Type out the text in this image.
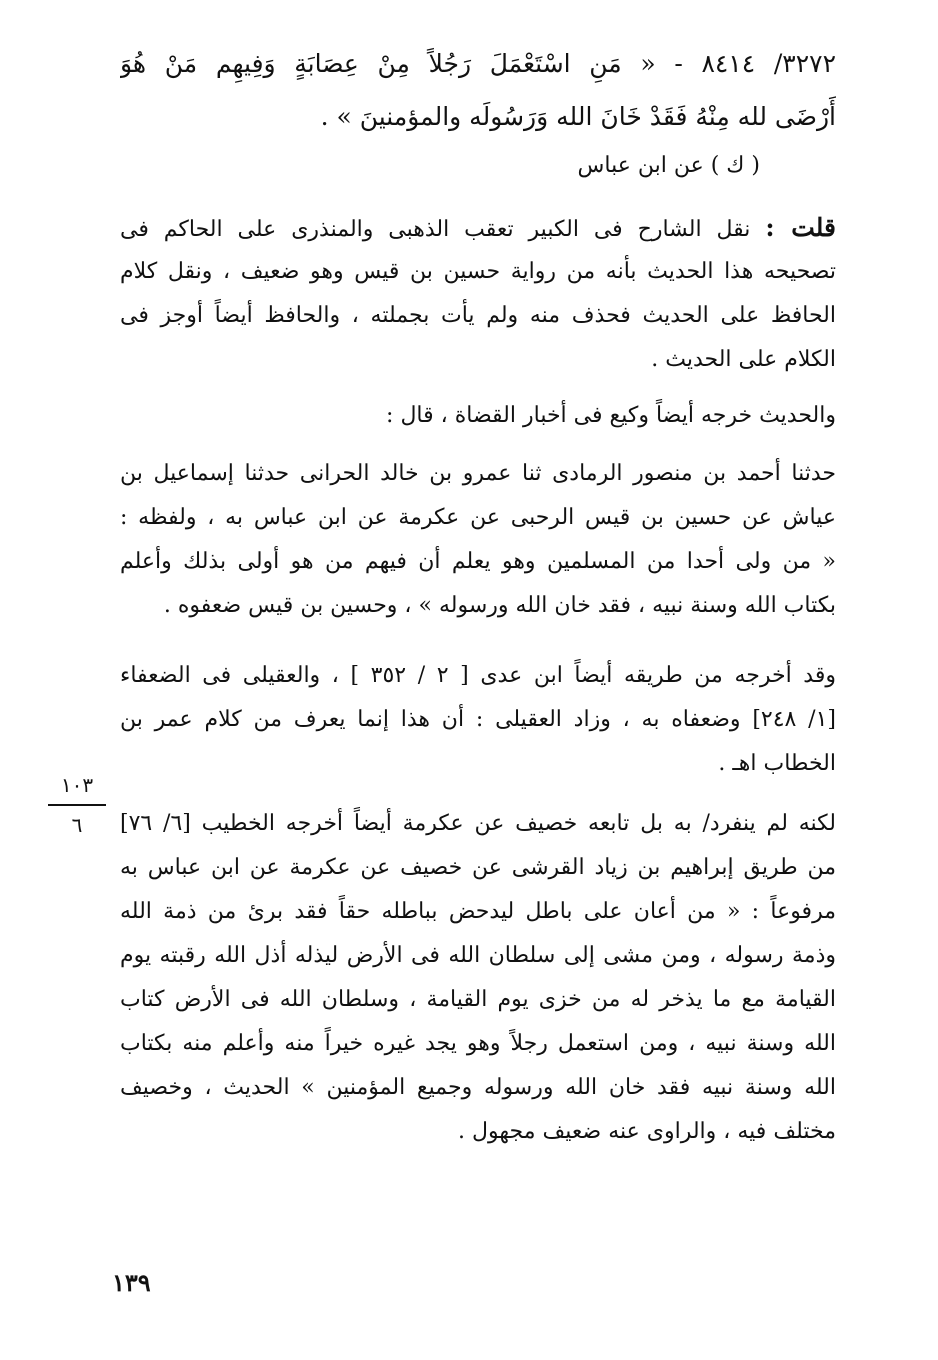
٣٢٧٢/ ٨٤١٤ - « مَنِ اسْتَعْمَلَ رَجُلاً مِنْ عِصَابَةٍ وَفِيهِم مَنْ هُوَ
أَرْضَى لله مِنْهُ فَقَدْ خَانَ الله وَرَسُولَه والمؤمنينَ » .
( ك ) عن ابن عباس
قلت : نقل الشارح فى الكبير تعقب الذهبى والمنذرى على الحاكم فى
تصحيحه هذا الحديث بأنه من رواية حسين بن قيس وهو ضعيف ، ونقل كلام
الحافظ على الحديث فحذف منه ولم يأت بجملته ، والحافظ أيضاً أوجز فى
الكلام على الحديث .
والحديث خرجه أيضاً وكيع فى أخبار القضاة ، قال :
حدثنا أحمد بن منصور الرمادى ثنا عمرو بن خالد الحرانى حدثنا إسماعيل بن
عياش عن حسين بن قيس الرحبى عن عكرمة عن ابن عباس به ، ولفظه :
« من ولى أحدا من المسلمين وهو يعلم أن فيهم من هو أولى بذلك وأعلم
بكتاب الله وسنة نبيه ، فقد خان الله ورسوله » ، وحسين بن قيس ضعفوه .
وقد أخرجه من طريقه أيضاً ابن عدى [ ٢ / ٣٥٢ ] ، والعقيلى فى الضعفاء
[١/ ٢٤٨] وضعفاه به ، وزاد العقيلى : أن هذا إنما يعرف من كلام عمر بن
الخطاب اهـ .
١٠٣
٦	لكنه لم ينفرد/ به بل تابعه خصيف عن عكرمة أيضاً أخرجه الخطيب [٦/ ٧٦]
من طريق إبراهيم بن زياد القرشى عن خصيف عن عكرمة عن ابن عباس به
مرفوعاً : « من أعان على باطل ليدحض بباطله حقاً فقد برئ من ذمة الله
وذمة رسوله ، ومن مشى إلى سلطان الله فى الأرض ليذله أذل الله رقبته يوم
القيامة مع ما يذخر له من خزى يوم القيامة ، وسلطان الله فى الأرض كتاب
الله وسنة نبيه ، ومن استعمل رجلاً وهو يجد غيره خيراً منه وأعلم منه بكتاب
الله وسنة نبيه فقد خان الله ورسوله وجميع المؤمنين » الحديث ، وخصيف
مختلف فيه ، والراوى عنه ضعيف مجهول .
١٣٩
